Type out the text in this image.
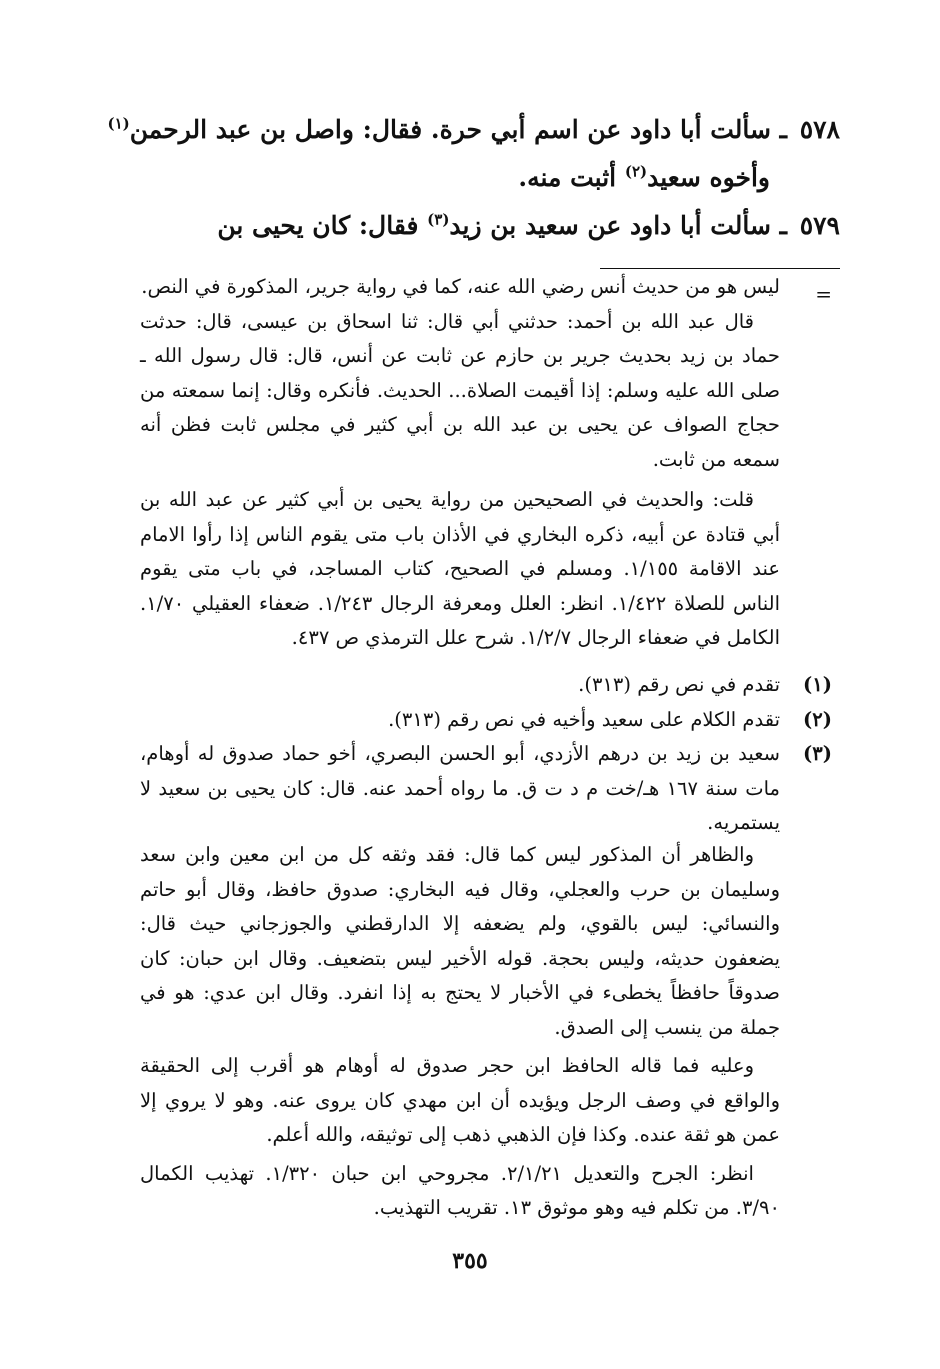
٥٧٨ ـ سألت أبا داود عن اسم أبي حرة. فقال: واصل بن عبد الرحمن$^{(١)}$
وأخوه سعيد$^{(٢)}$ أثبت منه.
٥٧٩ ـ سألت أبا داود عن سعيد بن زيد$^{(٣)}$ فقال: كان يحيى بن
=

ليس هو من حديث أنس رضي الله عنه، كما في رواية جرير، المذكورة في النص.

قال عبد الله بن أحمد: حدثني أبي قال: ثنا اسحاق بن عيسى، قال: حدثت حماد بن زيد بحديث جرير بن حازم عن ثابت عن أنس، قال: قال رسول الله ـ صلى الله عليه وسلم: إذا أقيمت الصلاة... الحديث. فأنكره وقال: إنما سمعته من حجاج الصواف عن يحيى بن عبد الله بن أبي كثير في مجلس ثابت فظن أنه سمعه من ثابت.

قلت: والحديث في الصحيحين من رواية يحيى بن أبي كثير عن عبد الله بن أبي قتادة عن أبيه، ذكره البخاري في الأذان باب متى يقوم الناس إذا رأوا الامام عند الاقامة ١/١٥٥. ومسلم في الصحيح، كتاب المساجد، في باب متى يقوم الناس للصلاة ١/٤٢٢. انظر: العلل ومعرفة الرجال ١/٢٤٣. ضعفاء العقيلي ١/٧٠. الكامل في ضعفاء الرجال ١/٢/٧. شرح علل الترمذي ص ٤٣٧.

(١)
تقدم في نص رقم (٣١٣).
(٢)
تقدم الكلام على سعيد وأخيه في نص رقم (٣١٣).
(٣)
سعيد بن زيد بن درهم الأزدي، أبو الحسن البصري، أخو حماد صدوق له أوهام، مات سنة ١٦٧ هـ/خت م د ت ق. ما رواه أحمد عنه. قال: كان يحيى بن سعيد لا يستمريه.

والظاهر أن المذكور ليس كما قال: فقد وثقه كل من ابن معين وابن سعد وسليمان بن حرب والعجلي، وقال فيه البخاري: صدوق حافظ، وقال أبو حاتم والنسائي: ليس بالقوي، ولم يضعفه إلا الدارقطني والجوزجاني حيث قال: يضعفون حديثه، وليس بحجة. قوله الأخير ليس بتضعيف. وقال ابن حبان: كان صدوقاً حافظاً يخطىء في الأخبار لا يحتج به إذا انفرد. وقال ابن عدي: هو في جملة من ينسب إلى الصدق.

وعليه فما قاله الحافظ ابن حجر صدوق له أوهام هو أقرب إلى الحقيقة والواقع في وصف الرجل ويؤيده أن ابن مهدي كان يروى عنه. وهو لا يروي إلا عمن هو ثقة عنده. وكذا فإن الذهبي ذهب إلى توثيقه، والله أعلم.

انظر: الجرح والتعديل ٢/١/٢١. مجروحي ابن حبان ١/٣٢٠. تهذيب الكمال ٣/٩٠. من تكلم فيه وهو موثوق ١٣. تقريب التهذيب.

٣٥٥
